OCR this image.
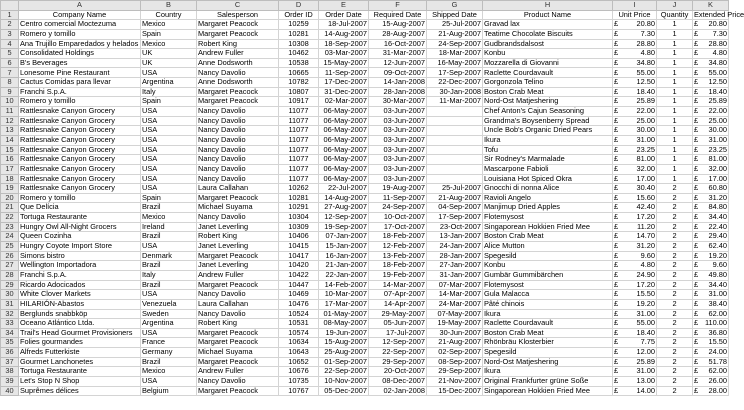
	A	B	C	D	E	F	G	H	I	J	K
1	Company Name	Country	Salesperson	Order ID	Order Date	Required Date	Shipped Date	Product Name	Unit Price	Quantity	Extended Price
2	Centro comercial Moctezuma	Mexico	Margaret Peacock	10259	18-Jul-2007	15-Aug-2007	25-Jul-2007	Gravad lax	£ 20.80	1	£ 20.80

3	Romero y tomillo	Spain	Margaret Peacock	10281	14-Aug-2007	28-Aug-2007	21-Aug-2007	Teatime Chocolate Biscuits	£ 7.30	1	£ 7.30

4	Ana Trujillo Emparedados y helados	Mexico	Robert King	10308	18-Sep-2007	16-Oct-2007	24-Sep-2007	Gudbrandsdalsost	£ 28.80	1	£ 28.80

5	Consolidated Holdings	UK	Andrew Fuller	10462	03-Mar-2007	31-Mar-2007	18-Mar-2007	Konbu	£ 4.80	1	£ 4.80

6	B's Beverages	UK	Anne Dodsworth	10538	15-May-2007	12-Jun-2007	16-May-2007	Mozzarella di Giovanni	£ 34.80	1	£ 34.80

7	Lonesome Pine Restaurant	USA	Nancy Davolio	10665	11-Sep-2007	09-Oct-2007	17-Sep-2007	Raclette Courdavault	£ 55.00	1	£ 55.00

8	Cactus Comidas para llevar	Argentina	Anne Dodsworth	10782	17-Dec-2007	14-Jan-2008	22-Dec-2007	Gorgonzola Telino	£ 12.50	1	£ 12.50

9	Franchi S.p.A.	Italy	Margaret Peacock	10807	31-Dec-2007	28-Jan-2008	30-Jan-2008	Boston Crab Meat	£ 18.40	1	£ 18.40

10	Romero y tomillo	Spain	Margaret Peacock	10917	02-Mar-2007	30-Mar-2007	11-Mar-2007	Nord-Ost Matjeshering	£ 25.89	1	£ 25.89

11	Rattlesnake Canyon Grocery	USA	Nancy Davolio	11077	06-May-2007	03-Jun-2007		Chef Anton's Cajun Seasoning	£ 22.00	1	£ 22.00

12	Rattlesnake Canyon Grocery	USA	Nancy Davolio	11077	06-May-2007	03-Jun-2007		Grandma's Boysenberry Spread	£ 25.00	1	£ 25.00

13	Rattlesnake Canyon Grocery	USA	Nancy Davolio	11077	06-May-2007	03-Jun-2007		Uncle Bob's Organic Dried Pears	£ 30.00	1	£ 30.00

14	Rattlesnake Canyon Grocery	USA	Nancy Davolio	11077	06-May-2007	03-Jun-2007		Ikura	£ 31.00	1	£ 31.00

15	Rattlesnake Canyon Grocery	USA	Nancy Davolio	11077	06-May-2007	03-Jun-2007		Tofu	£ 23.25	1	£ 23.25

16	Rattlesnake Canyon Grocery	USA	Nancy Davolio	11077	06-May-2007	03-Jun-2007		Sir Rodney's Marmalade	£ 81.00	1	£ 81.00

17	Rattlesnake Canyon Grocery	USA	Nancy Davolio	11077	06-May-2007	03-Jun-2007		Mascarpone Fabioli	£ 32.00	1	£ 32.00

18	Rattlesnake Canyon Grocery	USA	Nancy Davolio	11077	06-May-2007	03-Jun-2007		Louisiana Hot Spiced Okra	£ 17.00	1	£ 17.00

19	Rattlesnake Canyon Grocery	USA	Laura Callahan	10262	22-Jul-2007	19-Aug-2007	25-Jul-2007	Gnocchi di nonna Alice	£ 30.40	2	£ 60.80

20	Romero y tomillo	Spain	Margaret Peacock	10281	14-Aug-2007	11-Sep-2007	21-Aug-2007	Ravioli Angelo	£ 15.60	2	£ 31.20

21	Que Delícia	Brazil	Michael Suyama	10291	27-Aug-2007	24-Sep-2007	04-Sep-2007	Manjimup Dried Apples	£ 42.40	2	£ 84.80

22	Tortuga Restaurante	Mexico	Nancy Davolio	10304	12-Sep-2007	10-Oct-2007	17-Sep-2007	Flotemysost	£ 17.20	2	£ 34.40

23	Hungry Owl All-Night Grocers	Ireland	Janet Leverling	10309	19-Sep-2007	17-Oct-2007	23-Oct-2007	Singaporean Hokkien Fried Mee	£ 11.20	2	£ 22.40

24	Queen Cozinha	Brazil	Robert King	10406	07-Jan-2007	18-Feb-2007	13-Jan-2007	Boston Crab Meat	£ 14.70	2	£ 29.40

25	Hungry Coyote Import Store	USA	Janet Leverling	10415	15-Jan-2007	12-Feb-2007	24-Jan-2007	Alice Mutton	£ 31.20	2	£ 62.40

26	Simons bistro	Denmark	Margaret Peacock	10417	16-Jan-2007	13-Feb-2007	28-Jan-2007	Spegesild	£ 9.60	2	£ 19.20

27	Wellington Importadora	Brazil	Janet Leverling	10420	21-Jan-2007	18-Feb-2007	27-Jan-2007	Konbu	£ 4.80	2	£ 9.60

28	Franchi S.p.A.	Italy	Andrew Fuller	10422	22-Jan-2007	19-Feb-2007	31-Jan-2007	Gumbär Gummibärchen	£ 24.90	2	£ 49.80

29	Ricardo Adocicados	Brazil	Margaret Peacock	10447	14-Feb-2007	14-Mar-2007	07-Mar-2007	Flotemysost	£ 17.20	2	£ 34.40

30	White Clover Markets	USA	Nancy Davolio	10469	10-Mar-2007	07-Apr-2007	14-Mar-2007	Gula Malacca	£ 15.50	2	£ 31.00

31	HILARIÓN-Abastos	Venezuela	Laura Callahan	10476	17-Mar-2007	14-Apr-2007	24-Mar-2007	Pâté chinois	£ 19.20	2	£ 38.40

32	Berglunds snabbköp	Sweden	Nancy Davolio	10524	01-May-2007	29-May-2007	07-May-2007	Ikura	£ 31.00	2	£ 62.00

33	Oceano Atlántico Ltda.	Argentina	Robert King	10531	08-May-2007	05-Jun-2007	19-May-2007	Raclette Courdavault	£ 55.00	2	£ 110.00

34	Trail's Head Gourmet Provisioners	USA	Margaret Peacock	10574	19-Jun-2007	17-Jul-2007	30-Jun-2007	Boston Crab Meat	£ 18.40	2	£ 36.80

35	Folies gourmandes	France	Margaret Peacock	10634	15-Aug-2007	12-Sep-2007	21-Aug-2007	Rhönbräu Klosterbier	£ 7.75	2	£ 15.50

36	Alfreds Futterkiste	Germany	Michael Suyama	10643	25-Aug-2007	22-Sep-2007	02-Sep-2007	Spegesild	£ 12.00	2	£ 24.00

37	Gourmet Lanchonetes	Brazil	Margaret Peacock	10652	01-Sep-2007	29-Sep-2007	08-Sep-2007	Nord-Ost Matjeshering	£ 25.89	2	£ 51.78

38	Tortuga Restaurante	Mexico	Andrew Fuller	10676	22-Sep-2007	20-Oct-2007	29-Sep-2007	Ikura	£ 31.00	2	£ 62.00

39	Let's Stop N Shop	USA	Nancy Davolio	10735	10-Nov-2007	08-Dec-2007	21-Nov-2007	Original Frankfurter grüne Soße	£ 13.00	2	£ 26.00

40	Suprêmes délices	Belgium	Margaret Peacock	10767	05-Dec-2007	02-Jan-2008	15-Dec-2007	Singaporean Hokkien Fried Mee	£ 14.00	2	£ 28.00
